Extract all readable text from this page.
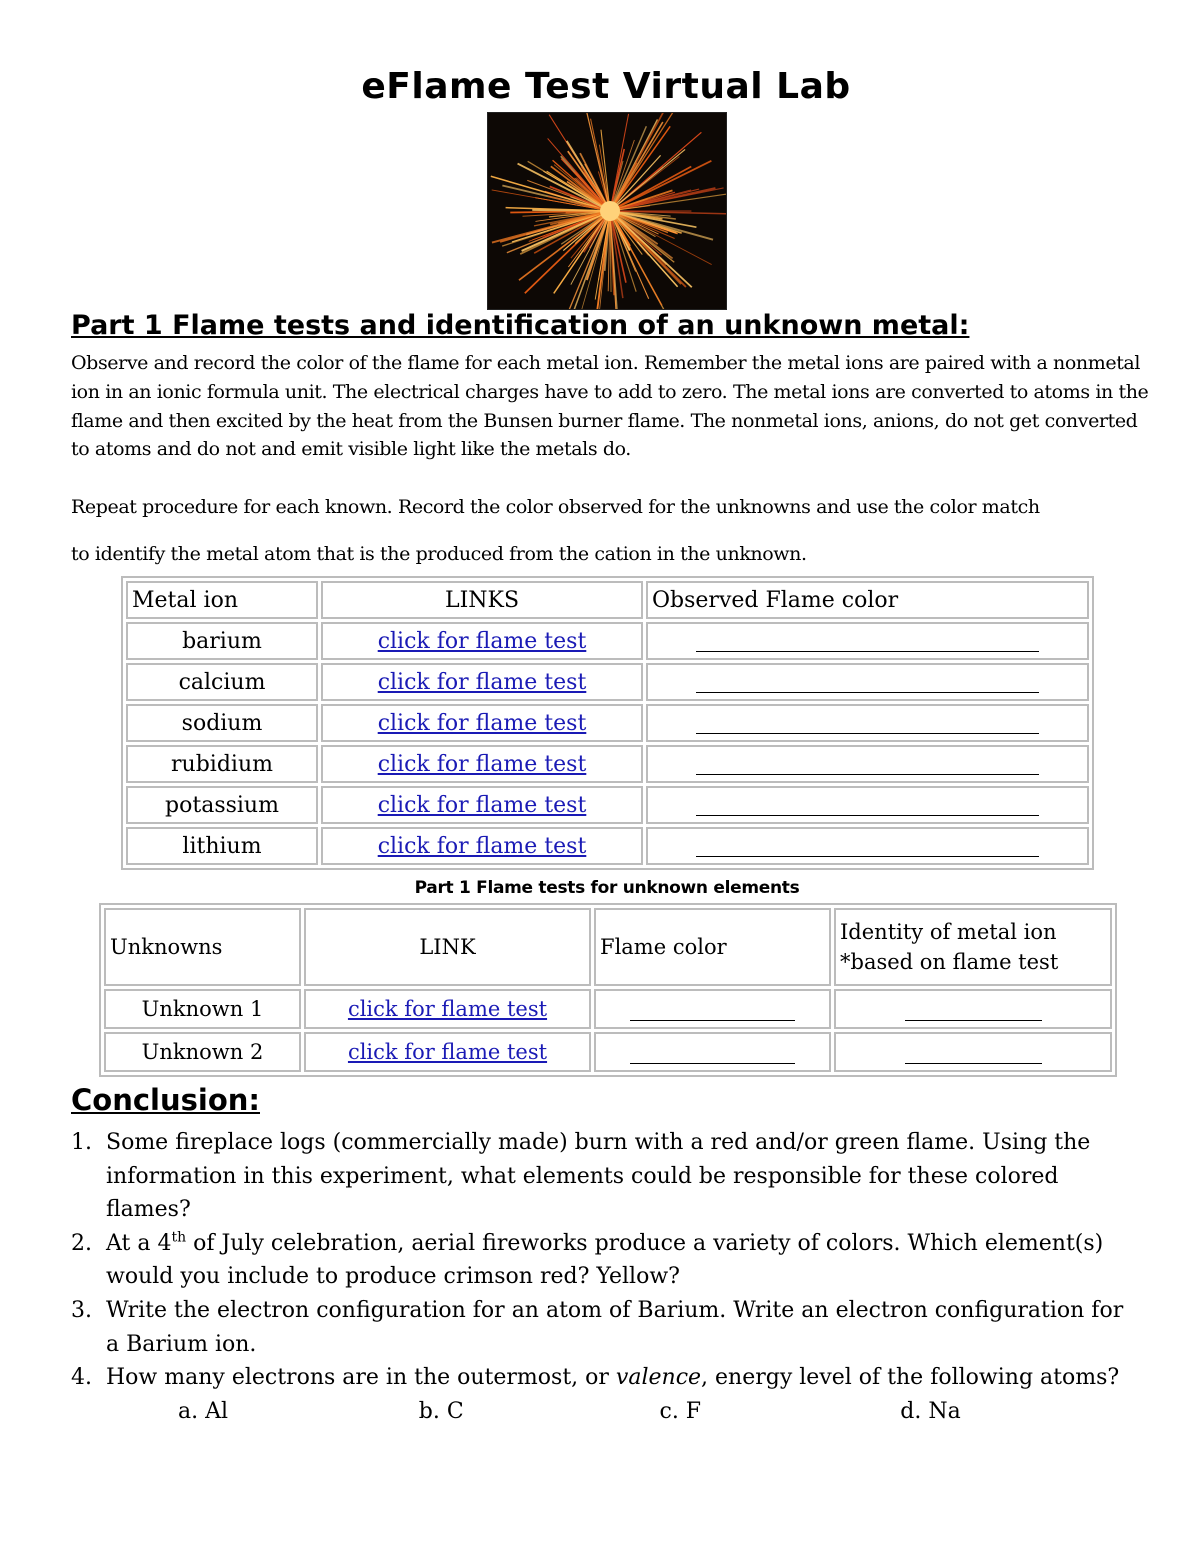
eFlame Test Virtual Lab
Part 1 Flame tests and identification of an unknown metal:

Observe and record the color of the flame for each metal ion. Remember the metal ions are paired with a nonmetal ion in an ionic formula unit. The electrical charges have to add to zero. The metal ions are converted to atoms in the flame and then excited by the heat from the Bunsen burner flame. The nonmetal ions, anions, do not get converted to atoms and do not and emit visible light like the metals do.

Repeat procedure for each known. Record the color observed for the unknowns and use the color match

to identify the metal atom that is the produced from the cation in the unknown.

Metal ion	LINKS	Observed Flame color
barium	click for flame test	
calcium	click for flame test	
sodium	click for flame test	
rubidium	click for flame test	
potassium	click for flame test	
lithium	click for flame test	

Part 1 Flame tests for unknown elements

Unknowns	LINK	Flame color	Identity of metal ion *based on flame test
Unknown 1	click for flame test		
Unknown 2	click for flame test		
Conclusion:
1. Some fireplace logs (commercially made) burn with a red and/or green flame. Using the information in this experiment, what elements could be responsible for these colored flames?
2. At a 4th of July celebration, aerial fireworks produce a variety of colors. Which element(s) would you include to produce crimson red? Yellow?
3. Write the electron configuration for an atom of Barium. Write an electron configuration for a Barium ion.
4. How many electrons are in the outermost, or valence, energy level of the following atoms?
a. Al	b. C	c. F	d. Na
